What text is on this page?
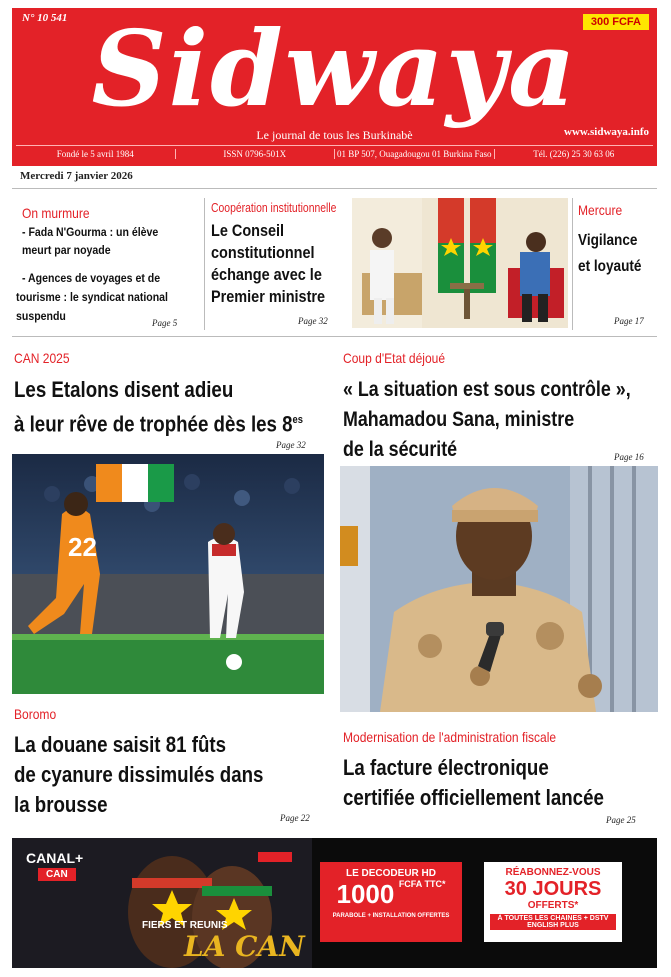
N° 10 541	300 FCFA
Sidwaya
Le journal de tous les Burkinabè	www.sidwaya.info
Fondé le 5 avril 1984	ISSN 0796-501X	01 BP 507, Ouagadougou 01 Burkina Faso	Tél. (226) 25 30 63 06
Mercredi 7 janvier 2026
On murmure
- Fada N'Gourma : un élève
meurt par noyade
- Agences de voyages et de
tourisme : le syndicat national
suspendu	Page 5
Coopération institutionnelle
Le Conseil
constitutionnel
échange avec le
Premier ministre
Page 32
Mercure
Vigilance
et loyauté
Page 17
CAN 2025
Les Etalons disent adieu
à leur rêve de trophée dès les $8^{es}$
Page 32
22
Coup d'Etat déjoué
« La situation est sous contrôle »,
Mahamadou Sana, ministre
de la sécurité	Page 16
Boromo
La douane saisit 81 fûts
de cyanure dissimulés dans
la brousse
Page 22
Modernisation de l'administration fiscale
La facture électronique
certifiée officiellement lancée
Page 25
CANAL+
CAN
FIERS ET REUNIS
LA CAN
LE DECODEUR HD
1000 $^{FCFA TTC*}$
PARABOLE + INSTALLATION OFFERTES
RÉABONNEZ-VOUS
30 JOURS
OFFERTS*
À TOUTES LES CHAINES + DSTV ENGLISH PLUS
